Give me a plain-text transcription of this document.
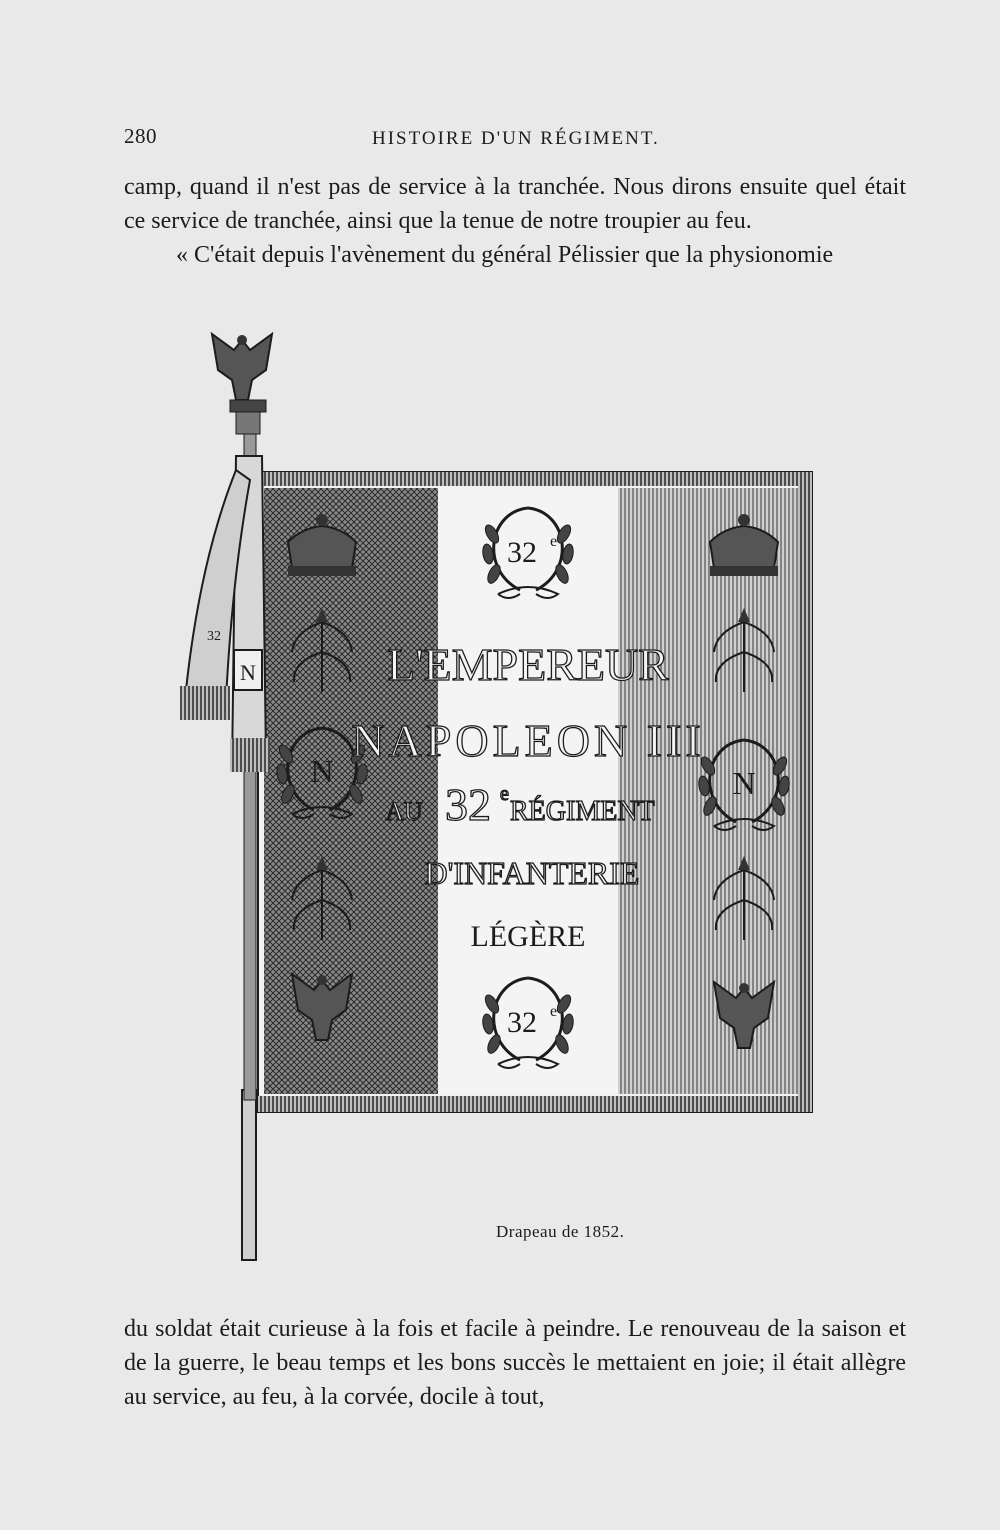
280	HISTOIRE D'UN RÉGIMENT.

camp, quand il n'est pas de service à la tranchée. Nous dirons ensuite quel était ce service de tranchée, ainsi que la tenue de notre troupier au feu.

« C'était depuis l'avènement du général Pélissier que la physionomie

N	N
32 e
32 e
L'EMPEREUR
NAPOLEON III
AU 32 e
RÉGIMENT
D'INFANTERIE
LÉGÈRE
N
32
Drapeau de 1852.

du soldat était curieuse à la fois et facile à peindre. Le renouveau de la saison et de la guerre, le beau temps et les bons succès le mettaient en joie; il était allègre au service, au feu, à la corvée, docile à tout,
